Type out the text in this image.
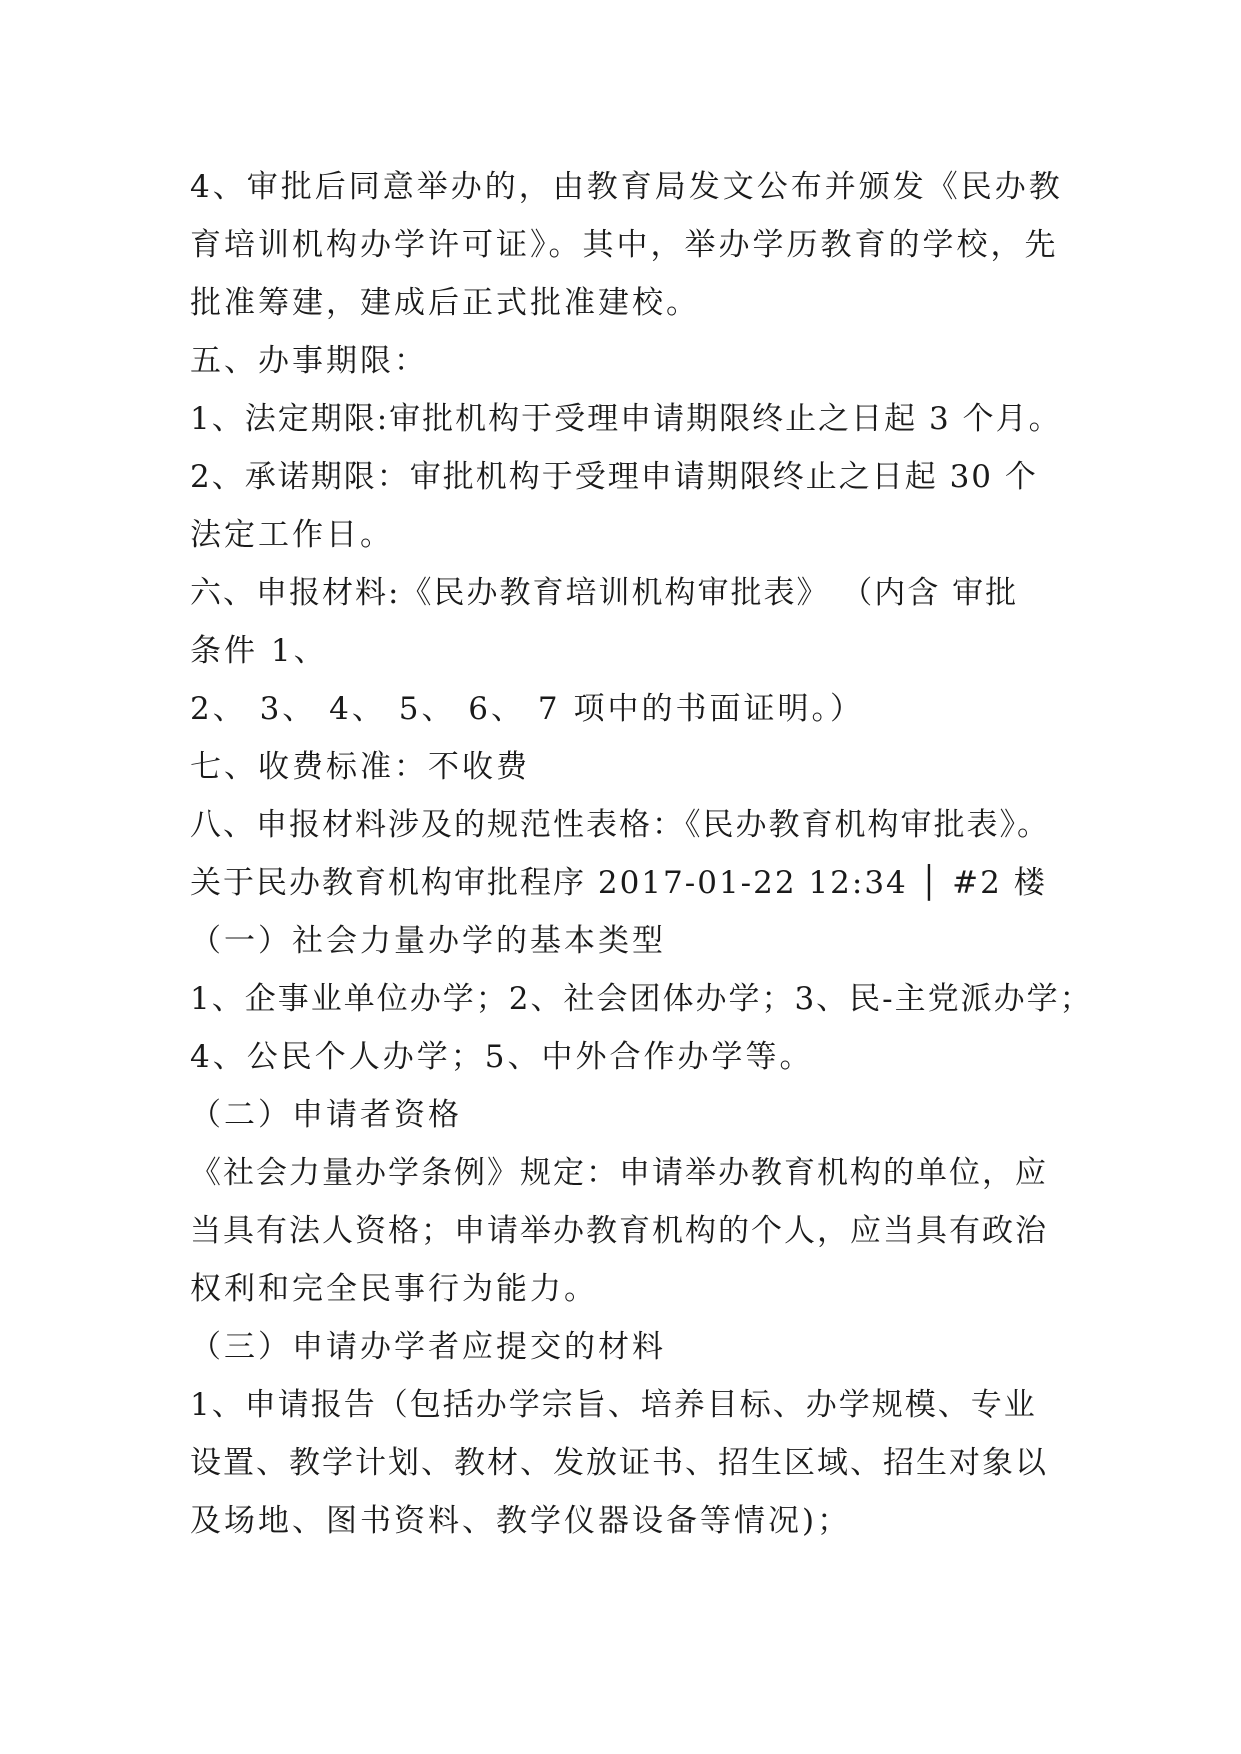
4、审批后同意举办的，由教育局发文公布并颁发《民办教
育培训机构办学许可证》。其中，举办学历教育的学校，先
批准筹建，建成后正式批准建校。
五、办事期限：
1、法定期限:审批机构于受理申请期限终止之日起 3 个月。
2、承诺期限：审批机构于受理申请期限终止之日起 30 个
法定工作日。
六、申报材料:《民办教育培训机构审批表》 （内含 审批
条件 1、
2、 3、 4、 5、 6、 7 项中的书面证明。）
七、收费标准：不收费
八、申报材料涉及的规范性表格：《民办教育机构审批表》。
关于民办教育机构审批程序 2017-01-22 12:34 │ #2 楼
（一）社会力量办学的基本类型
1、企事业单位办学；2、社会团体办学；3、民-主党派办学；
4、公民个人办学；5、中外合作办学等。
（二）申请者资格
《社会力量办学条例》规定：申请举办教育机构的单位，应
当具有法人资格；申请举办教育机构的个人，应当具有政治
权利和完全民事行为能力。
（三）申请办学者应提交的材料
1、申请报告（包括办学宗旨、培养目标、办学规模、专业
设置、教学计划、教材、发放证书、招生区域、招生对象以
及场地、图书资料、教学仪器设备等情况)；
